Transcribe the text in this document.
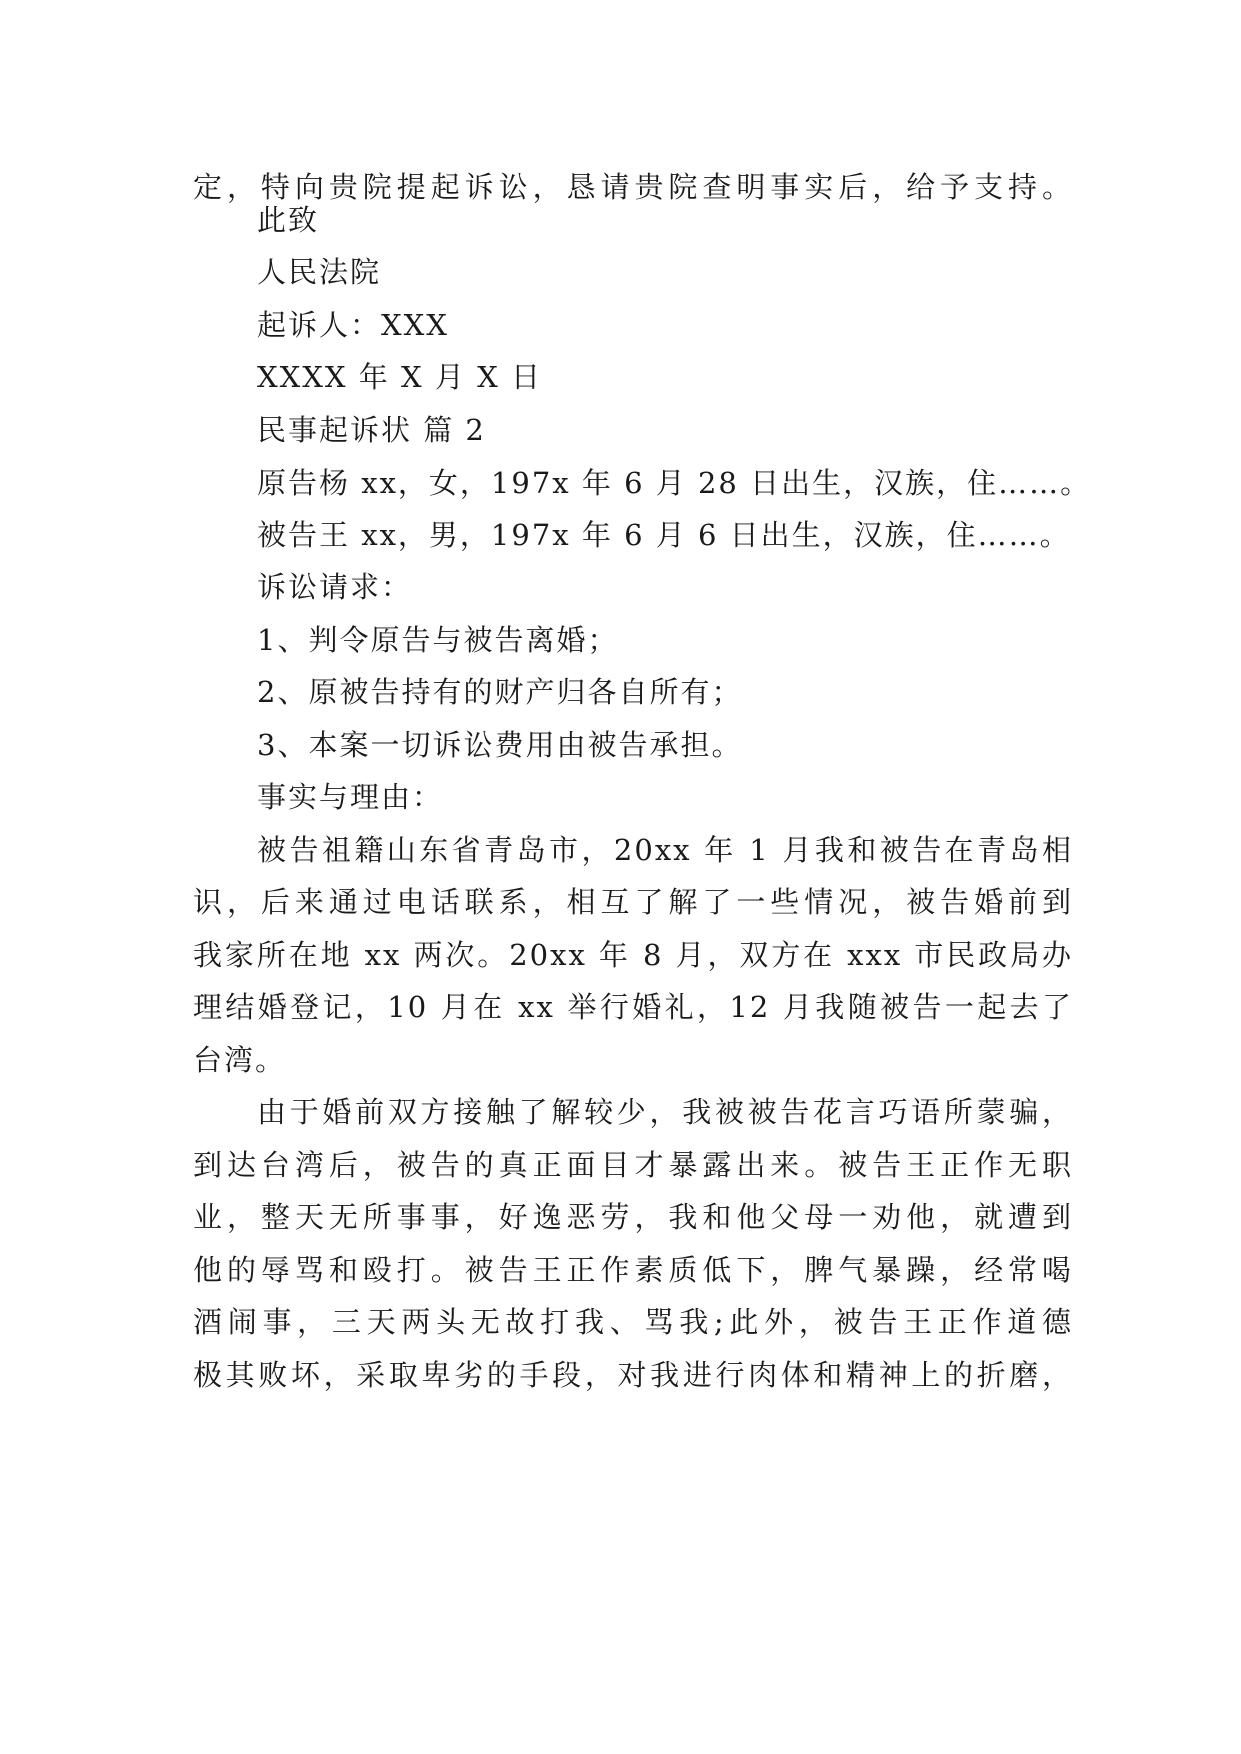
定，特向贵院提起诉讼，恳请贵院查明事实后，给予支持。
此致
人民法院
起诉人：XXX
XXXX 年 X 月 X 日
民事起诉状 篇 2
原告杨 xx，女，197x 年 6 月 28 日出生，汉族，住……。
被告王 xx，男，197x 年 6 月 6 日出生，汉族，住……。
诉讼请求：
1、判令原告与被告离婚；
2、原被告持有的财产归各自所有；
3、本案一切诉讼费用由被告承担。
事实与理由：
被告祖籍山东省青岛市，20xx 年 1 月我和被告在青岛相
识，后来通过电话联系，相互了解了一些情况，被告婚前到
我家所在地 xx 两次。20xx 年 8 月，双方在 xxx 市民政局办
理结婚登记，10 月在 xx 举行婚礼，12 月我随被告一起去了
台湾。
由于婚前双方接触了解较少，我被被告花言巧语所蒙骗，
到达台湾后，被告的真正面目才暴露出来。被告王正作无职
业，整天无所事事，好逸恶劳，我和他父母一劝他，就遭到
他的辱骂和殴打。被告王正作素质低下，脾气暴躁，经常喝
酒闹事，三天两头无故打我、骂我;此外，被告王正作道德
极其败坏，采取卑劣的手段，对我进行肉体和精神上的折磨，
